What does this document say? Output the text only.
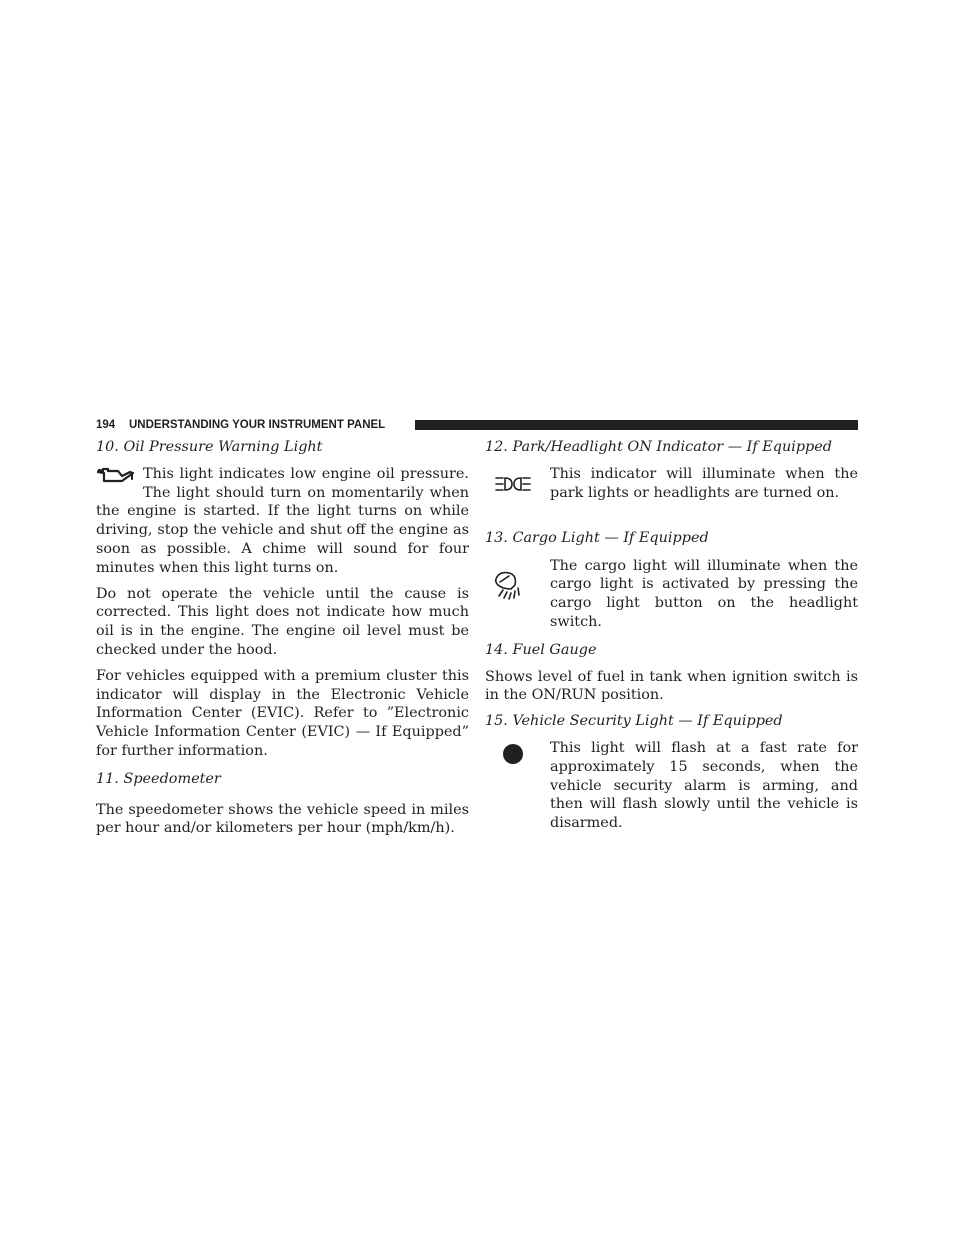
194 UNDERSTANDING YOUR INSTRUMENT PANEL

10. Oil Pressure Warning Light

This light indicates low engine oil pressure. The light should turn on momentarily when the engine is started. If the light turns on while driving, stop the vehicle and shut off the engine as soon as possible. A chime will sound for four minutes when this light turns on.

Do not operate the vehicle until the cause is corrected. This light does not indicate how much oil is in the engine. The engine oil level must be checked under the hood.

For vehicles equipped with a premium cluster this indicator will display in the Electronic Vehicle Information Center (EVIC). Refer to ”Electronic Vehicle Information Center (EVIC) — If Equipped” for further information.

11. Speedometer

The speedometer shows the vehicle speed in miles per hour and/or kilometers per hour (mph/km/h).

12. Park/Headlight ON Indicator — If Equipped

This indicator will illuminate when the park lights or headlights are turned on.

13. Cargo Light — If Equipped

The cargo light will illuminate when the cargo light is activated by pressing the cargo light button on the headlight switch.

14. Fuel Gauge

Shows level of fuel in tank when ignition switch is in the ON/RUN position.

15. Vehicle Security Light — If Equipped

This light will flash at a fast rate for approximately 15 seconds, when the vehicle security alarm is arming, and then will flash slowly until the vehicle is disarmed.
